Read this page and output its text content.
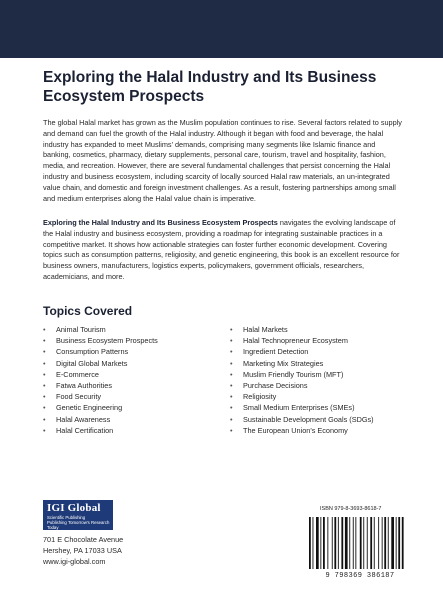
Exploring the Halal Industry and Its Business Ecosystem Prospects

The global Halal market has grown as the Muslim population continues to rise. Several factors related to supply and demand can fuel the growth of the Halal industry. Although it began with food and beverage, the halal industry has expanded to meet Muslims' demands, comprising many segments like Islamic finance and banking, cosmetics, pharmacy, dietary supplements, personal care, tourism, travel and hospitality, fashion, media, and recreation. However, there are several fundamental challenges that persist concerning the Halal industry and business ecosystem, including scarcity of locally sourced Halal raw materials, an un-integrated value chain, and domestic and foreign investment challenges. As a result, fostering partnerships among small and medium enterprises along the Halal value chain is imperative.

Exploring the Halal Industry and Its Business Ecosystem Prospects navigates the evolving landscape of the Halal industry and business ecosystem, providing a roadmap for integrating sustainable practices in a competitive market. It shows how actionable strategies can foster further economic development. Covering topics such as consumption patterns, religiosity, and genetic engineering, this book is an excellent resource for business owners, manufacturers, logistics experts, policymakers, government officials, researchers, academicians, and more.

Topics Covered
• Animal Tourism
• Business Ecosystem Prospects
• Consumption Patterns
• Digital Global Markets
• E-Commerce
• Fatwa Authorities
• Food Security
• Genetic Engineering
• Halal Awareness
• Halal Certification
• Halal Markets
• Halal Technopreneur Ecosystem
• Ingredient Detection
• Marketing Mix Strategies
• Muslim Friendly Tourism (MFT)
• Purchase Decisions
• Religiosity
• Small Medium Enterprises (SMEs)
• Sustainable Development Goals (SDGs)
• The European Union's Economy
IGI Global
Scientific Publishing
Publishing Tomorrow's Research Today
701 E Chocolate Avenue
Hershey, PA 17033 USA
www.igi-global.com
ISBN 979-8-3693-8618-7
9 798369 386187
